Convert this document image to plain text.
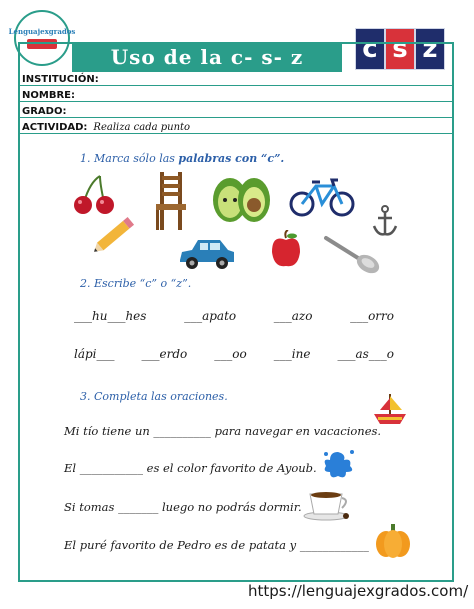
Lenguajexgrados
Uso de la c- s- z c s z
INSTITUCIÓN:
NOMBRE:
GRADO:
ACTIVIDAD: Realiza cada punto
1. Marca sólo las palabras con “c”.
2. Escribe “c” o “z”.
___hu___hes	___apato	___azo	___orro
lápi___ ___erdo ___oo ___ine ___as___o
3. Completa las oraciones.
Mi tío tiene un __________ para navegar en vacaciones.
El ___________ es el color favorito de Ayoub.
Si tomas _______ luego no podrás dormir.
El puré favorito de Pedro es de patata y ____________
https://lenguajexgrados.com/
